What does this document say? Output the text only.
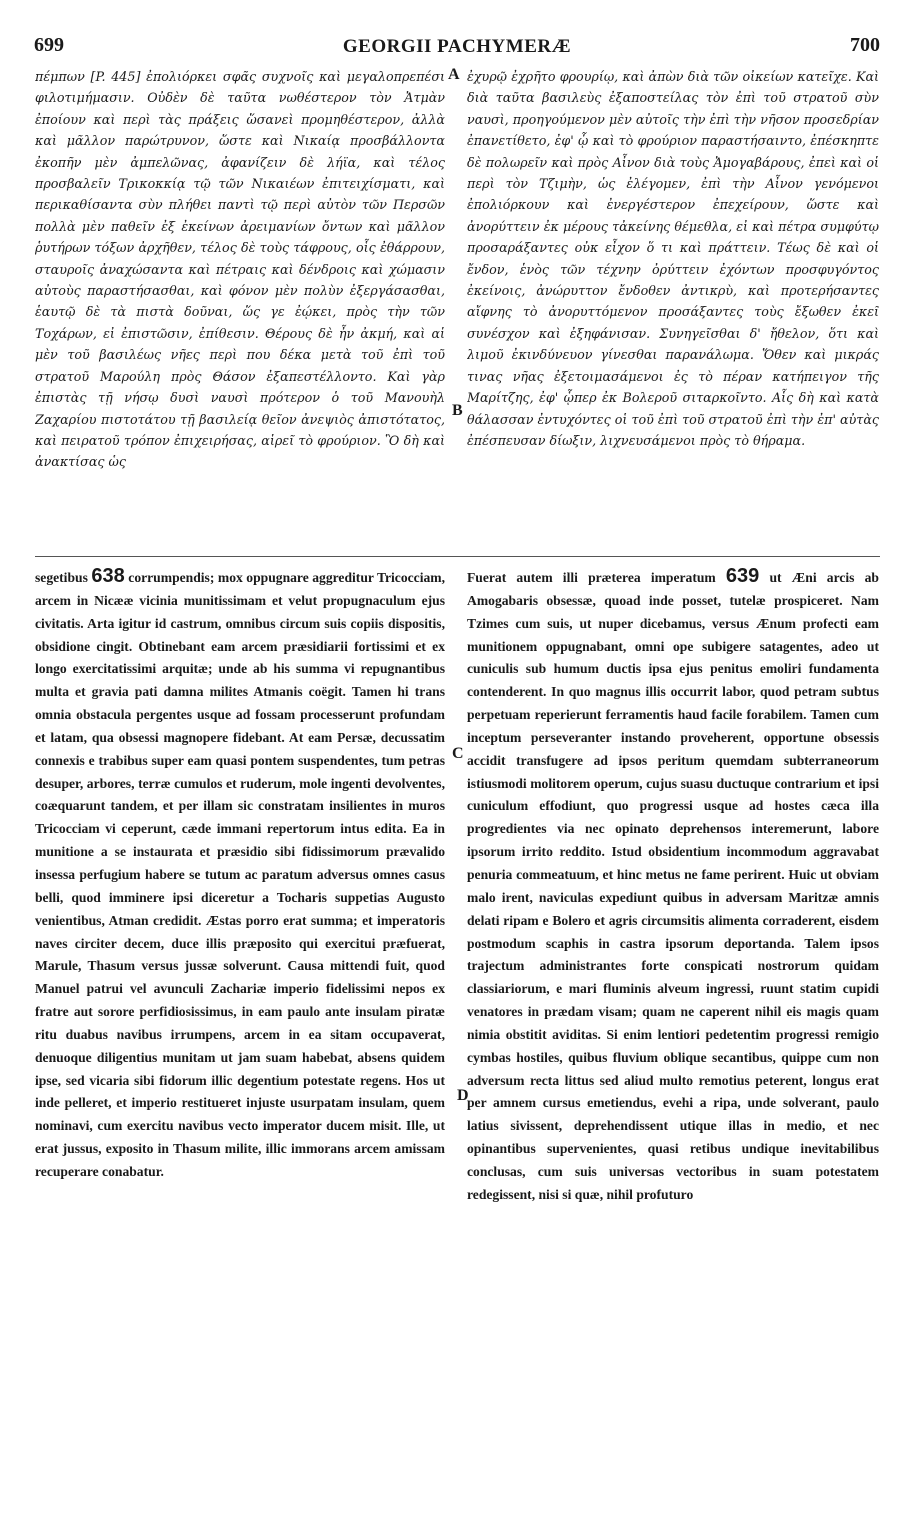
699	GEORGII PACHYMERÆ	700

πέμπων [P. 445] ἐπολιόρκει σφᾶς συχνοῖς καὶ μεγαλοπρεπέσι φιλοτιμήμασιν. Οὐδὲν δὲ ταῦτα νωθέστερον τὸν Ἀτμὰν ἐποίουν καὶ περὶ τὰς πράξεις ὥσανεὶ προμηθέστερον, ἀλλὰ καὶ μᾶλλον παρώτρυνον, ὥστε καὶ Νικαίᾳ προσβάλλοντα ἐκοπῆν μὲν ἀμπελῶνας, ἀφανίζειν δὲ λήϊα, καὶ τέλος προσβαλεῖν Τρικοκκίᾳ τῷ τῶν Νικαιέων ἐπιτειχίσματι, καὶ περικαθίσαντα σὺν πλήθει παντὶ τῷ περὶ αὐτὸν τῶν Περσῶν πολλὰ μὲν παθεῖν ἐξ ἐκείνων ἀρειμανίων ὄντων καὶ μᾶλλον ῥυτήρων τόξων ἀρχῆθεν, τέλος δὲ τοὺς τάφρους, οἷς ἐθάρρουν, σταυροῖς ἀναχώσαντα καὶ πέτραις καὶ δένδροις καὶ χώμασιν αὐτοὺς παραστήσασθαι, καὶ φόνον μὲν πολὺν ἐξεργάσασθαι, ἑαυτῷ δὲ τὰ πιστὰ δοῦναι, ὥς γε ἐῴκει, πρὸς τὴν τῶν Τοχάρων, εἰ ἐπιστῶσιν, ἐπίθεσιν. Θέρους δὲ ἦν ἀκμή, καὶ αἱ μὲν τοῦ βασιλέως νῆες περὶ που δέκα μετὰ τοῦ ἐπὶ τοῦ στρατοῦ Μαρούλη πρὸς Θάσον ἐξαπεστέλλοντο. Καὶ γὰρ ἐπιστὰς τῇ νήσῳ δυσὶ ναυσὶ πρότερον ὁ τοῦ Μανουὴλ Ζαχαρίου πιστοτάτου τῇ βασιλείᾳ θεῖον ἀνεψιὸς ἀπιστότατος, καὶ πειρατοῦ τρόπον ἐπιχειρήσας, αἱρεῖ τὸ φρούριον. Ὃ δὴ καὶ ἀνακτίσας ὡς

ἐχυρῷ ἐχρῆτο φρουρίῳ, καὶ ἀπὼν διὰ τῶν οἰκείων κατεῖχε. Καὶ διὰ ταῦτα βασιλεὺς ἐξαποστείλας τὸν ἐπὶ τοῦ στρατοῦ σὺν ναυσὶ, προηγούμενον μὲν αὐτοῖς τὴν ἐπὶ τὴν νῆσον προσεδρίαν ἐπανετίθετο, ἐφ' ᾧ καὶ τὸ φρούριον παραστήσαιντο, ἐπέσκηπτε δὲ πολωρεῖν καὶ πρὸς Αἶνον διὰ τοὺς Ἀμογαβάρους, ἐπεὶ καὶ οἱ περὶ τὸν Τζιμὴν, ὡς ἐλέγομεν, ἐπὶ τὴν Αἶνον γενόμενοι ἐπολιόρκουν καὶ ἐνεργέστερον ἐπεχείρουν, ὥστε καὶ ἀνορύττειν ἐκ μέρους τἀκείνης θέμεθλα, εἰ καὶ πέτρα συμφύτῳ προσαράξαντες οὐκ εἶχον ὅ τι καὶ πράττειν. Τέως δὲ καὶ οἱ ἔνδον, ἑνὸς τῶν τέχνην ὀρύττειν ἐχόντων προσφυγόντος ἐκείνοις, ἀνώρυττον ἔνδοθεν ἀντικρὺ, καὶ προτερήσαντες αἴφνης τὸ ἀνορυττόμενον προσάξαντες τοὺς ἔξωθεν ἐκεῖ συνέσχον καὶ ἐξηφάνισαν. Συνηγεῖσθαι δ' ἤθελον, ὅτι καὶ λιμοῦ ἐκινδύνευον γίνεσθαι παρανάλωμα. Ὅθεν καὶ μικράς τινας νῆας ἐξετοιμασάμενοι ἐς τὸ πέραν κατήπειγον τῆς Μαρίτζης, ἐφ' ᾧπερ ἐκ Βολεροῦ σιταρκοῖντο. Αἷς δὴ καὶ κατὰ θάλασσαν ἐντυχόντες οἱ τοῦ ἐπὶ τοῦ στρατοῦ ἐπὶ τὴν ἐπ' αὐτὰς ἐπέσπευσαν δίωξιν, λιχνευσάμενοι πρὸς τὸ θήραμα.

A
B
C
D

segetibus 638 corrumpendis; mox oppugnare aggreditur Tricocciam, arcem in Nicææ vicinia munitissimam et velut propugnaculum ejus civitatis. Arta igitur id castrum, omnibus circum suis copiis dispositis, obsidione cingit. Obtinebant eam arcem præsidiarii fortissimi et ex longo exercitatissimi arquitæ; unde ab his summa vi repugnantibus multa et gravia pati damna milites Atmanis coëgit. Tamen hi trans omnia obstacula pergentes usque ad fossam processerunt profundam et latam, qua obsessi magnopere fidebant. At eam Persæ, decussatim connexis e trabibus super eam quasi pontem suspendentes, tum petras desuper, arbores, terræ cumulos et ruderum, mole ingenti devolventes, coæquarunt tandem, et per illam sic constratam insilientes in muros Tricocciam vi ceperunt, cæde immani repertorum intus edita. Ea in munitione a se instaurata et præsidio sibi fidissimorum prævalido insessa perfugium habere se tutum ac paratum adversus omnes casus belli, quod imminere ipsi diceretur a Tocharis suppetias Augusto venientibus, Atman credidit. Æstas porro erat summa; et imperatoris naves circiter decem, duce illis præposito qui exercitui præfuerat, Marule, Thasum versus jussæ solverunt. Causa mittendi fuit, quod Manuel patrui vel avunculi Zachariæ imperio fidelissimi nepos ex fratre aut sorore perfidiosissimus, in eam paulo ante insulam piratæ ritu duabus navibus irrumpens, arcem in ea sitam occupaverat, denuoque diligentius munitam ut jam suam habebat, absens quidem ipse, sed vicaria sibi fidorum illic degentium potestate regens. Hos ut inde pelleret, et imperio restitueret injuste usurpatam insulam, quem nominavi, cum exercitu navibus vecto imperator ducem misit. Ille, ut erat jussus, exposito in Thasum milite, illic immorans arcem amissam recuperare conabatur.

Fuerat autem illi præterea imperatum 639 ut Æni arcis ab Amogabaris obsessæ, quoad inde posset, tutelæ prospiceret. Nam Tzimes cum suis, ut nuper dicebamus, versus Ænum profecti eam munitionem oppugnabant, omni ope subigere satagentes, adeo ut cuniculis sub humum ductis ipsa ejus penitus emoliri fundamenta contenderent. In quo magnus illis occurrit labor, quod petram subtus perpetuam reperierunt ferramentis haud facile forabilem. Tamen cum inceptum perseveranter instando proveherent, opportune obsessis accidit transfugere ad ipsos peritum quemdam subterraneorum istiusmodi molitorem operum, cujus suasu ductuque contrarium et ipsi cuniculum effodiunt, quo progressi usque ad hostes cæca illa progredientes via nec opinato deprehensos interemerunt, labore ipsorum irrito reddito. Istud obsidentium incommodum aggravabat penuria commeatuum, et hinc metus ne fame perirent. Huic ut obviam malo irent, naviculas expediunt quibus in adversam Maritzæ amnis delati ripam e Bolero et agris circumsitis alimenta corraderent, eisdem postmodum scaphis in castra ipsorum deportanda. Talem ipsos trajectum administrantes forte conspicati nostrorum quidam classiariorum, e mari fluminis alveum ingressi, ruunt statim cupidi venatores in prædam visam; quam ne caperent nihil eis magis quam nimia obstitit aviditas. Si enim lentiori pedetentim progressi remigio cymbas hostiles, quibus fluvium oblique secantibus, quippe cum non adversum recta littus sed aliud multo remotius peterent, longus erat per amnem cursus emetiendus, evehi a ripa, unde solverant, paulo latius sivissent, deprehendissent utique illas in medio, et nec opinantibus supervenientes, quasi retibus undique inevitabilibus conclusas, cum suis universas vectoribus in suam potestatem redegissent, nisi si quæ, nihil profuturo
